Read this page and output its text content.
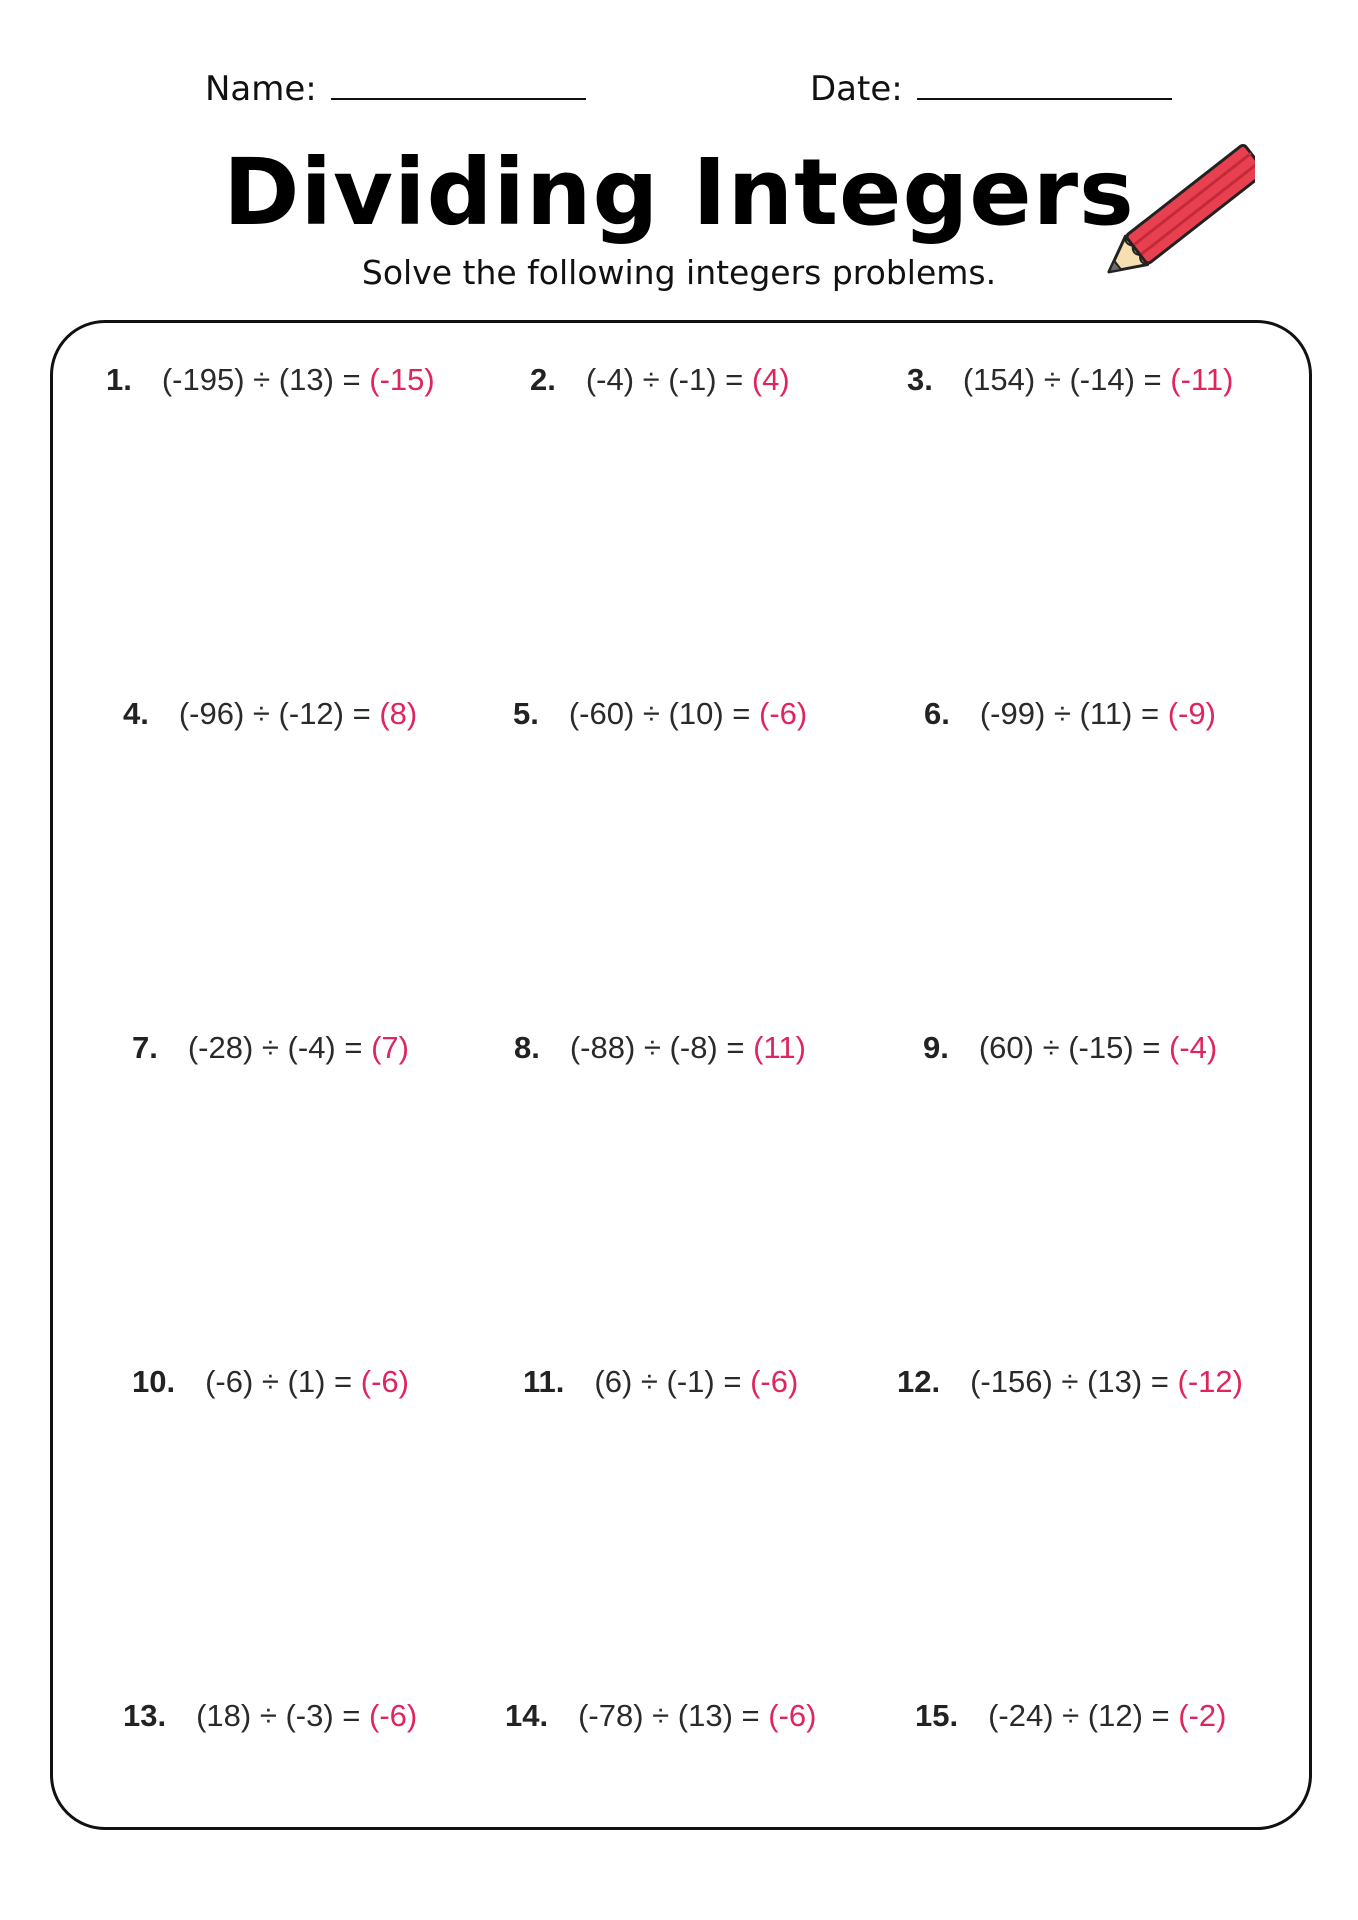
Name:	Date:
Dividing Integers
Solve the following integers problems.
1. (-195) ÷ (13) = (-15)	2. (-4) ÷ (-1) = (4)	3. (154) ÷ (-14) = (-11)
4. (-96) ÷ (-12) = (8)	5. (-60) ÷ (10) = (-6)	6. (-99) ÷ (11) = (-9)
7. (-28) ÷ (-4) = (7)	8. (-88) ÷ (-8) = (11)	9. (60) ÷ (-15) = (-4)
10. (-6) ÷ (1) = (-6)	11. (6) ÷ (-1) = (-6)	12. (-156) ÷ (13) = (-12)
13. (18) ÷ (-3) = (-6)	14. (-78) ÷ (13) = (-6)	15. (-24) ÷ (12) = (-2)
